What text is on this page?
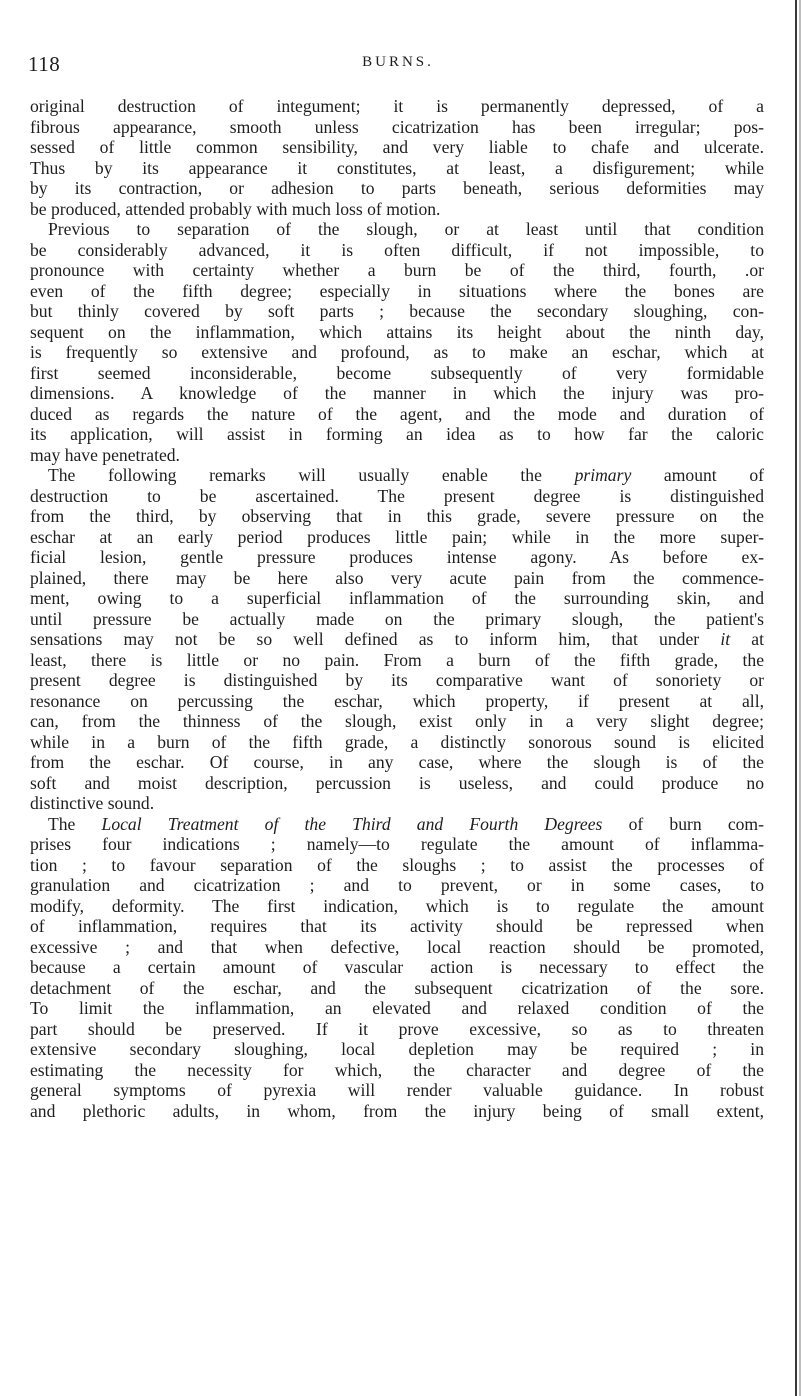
118	BURNS.
original destruction of integument; it is permanently depressed, of a
fibrous appearance, smooth unless cicatrization has been irregular; pos-
sessed of little common sensibility, and very liable to chafe and ulcerate.
Thus by its appearance it constitutes, at least, a disfigurement; while
by its contraction, or adhesion to parts beneath, serious deformities may
be produced, attended probably with much loss of motion.
Previous to separation of the slough, or at least until that condition
be considerably advanced, it is often difficult, if not impossible, to
pronounce with certainty whether a burn be of the third, fourth, .or
even of the fifth degree; especially in situations where the bones are
but thinly covered by soft parts ; because the secondary sloughing, con-
sequent on the inflammation, which attains its height about the ninth day,
is frequently so extensive and profound, as to make an eschar, which at
first seemed inconsiderable, become subsequently of very formidable
dimensions. A knowledge of the manner in which the injury was pro-
duced as regards the nature of the agent, and the mode and duration of
its application, will assist in forming an idea as to how far the caloric
may have penetrated.
The following remarks will usually enable the primary amount of
destruction to be ascertained. The present degree is distinguished
from the third, by observing that in this grade, severe pressure on the
eschar at an early period produces little pain; while in the more super-
ficial lesion, gentle pressure produces intense agony. As before ex-
plained, there may be here also very acute pain from the commence-
ment, owing to a superficial inflammation of the surrounding skin, and
until pressure be actually made on the primary slough, the patient's
sensations may not be so well defined as to inform him, that under it at
least, there is little or no pain. From a burn of the fifth grade, the
present degree is distinguished by its comparative want of sonoriety or
resonance on percussing the eschar, which property, if present at all,
can, from the thinness of the slough, exist only in a very slight degree;
while in a burn of the fifth grade, a distinctly sonorous sound is elicited
from the eschar. Of course, in any case, where the slough is of the
soft and moist description, percussion is useless, and could produce no
distinctive sound.
The Local Treatment of the Third and Fourth Degrees of burn com-
prises four indications ; namely—to regulate the amount of inflamma-
tion ; to favour separation of the sloughs ; to assist the processes of
granulation and cicatrization ; and to prevent, or in some cases, to
modify, deformity. The first indication, which is to regulate the amount
of inflammation, requires that its activity should be repressed when
excessive ; and that when defective, local reaction should be promoted,
because a certain amount of vascular action is necessary to effect the
detachment of the eschar, and the subsequent cicatrization of the sore.
To limit the inflammation, an elevated and relaxed condition of the
part should be preserved. If it prove excessive, so as to threaten
extensive secondary sloughing, local depletion may be required ; in
estimating the necessity for which, the character and degree of the
general symptoms of pyrexia will render valuable guidance. In robust
and plethoric adults, in whom, from the injury being of small extent,
